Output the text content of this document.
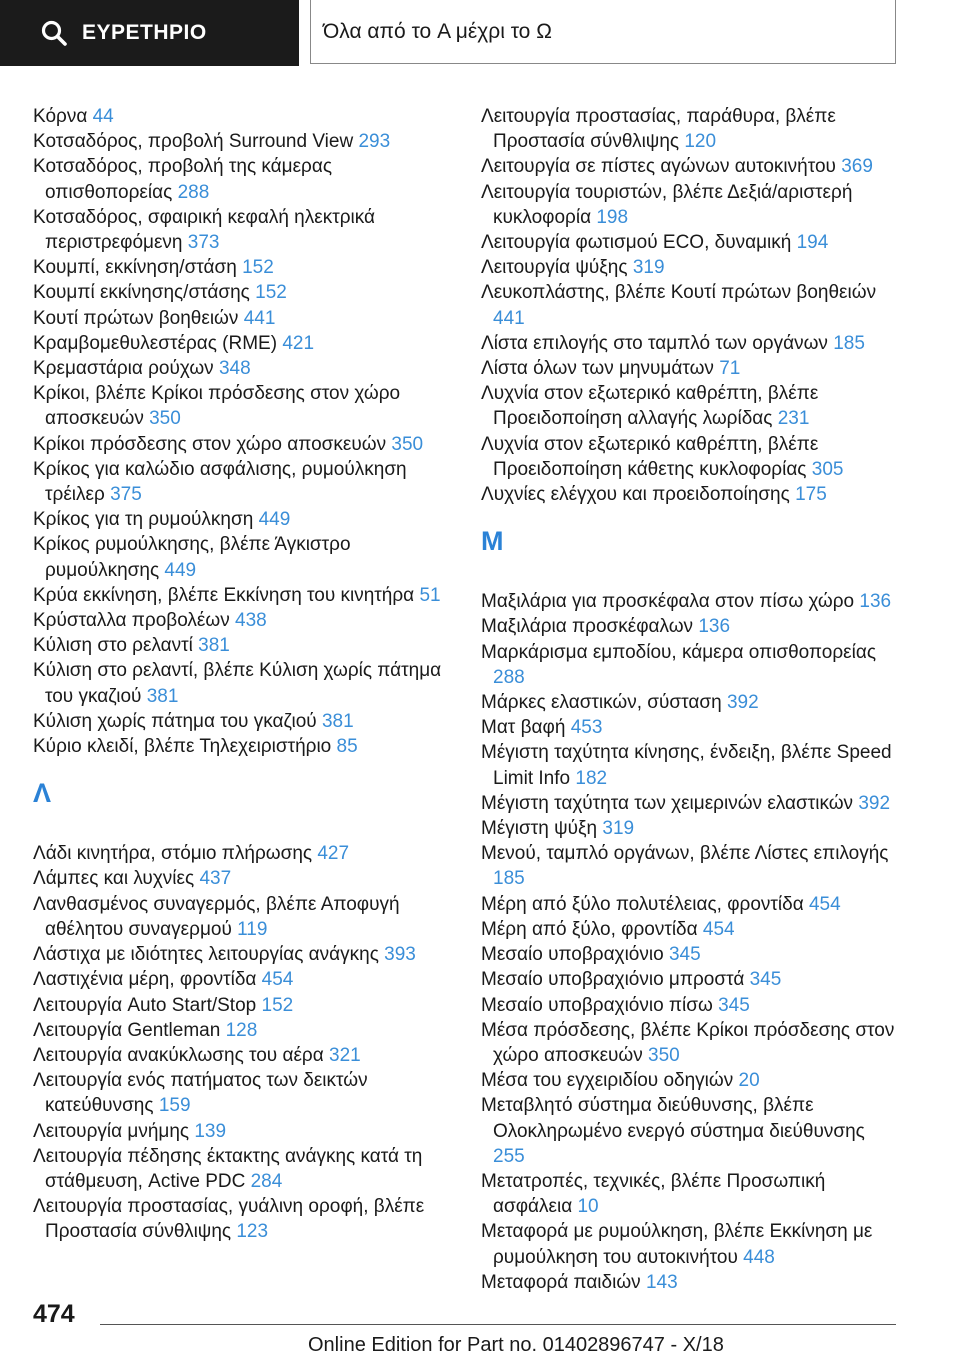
ΕΥΡΕΤΗΡΙΟ	Όλα από το A μέχρι το Ω
Κόρνα 44
Κοτσαδόρος, προβολή Surround View 293
Κοτσαδόρος, προβολή της κάμερας οπισθοπορείας 288
Κοτσαδόρος, σφαιρική κεφαλή ηλεκτρικά περιστρεφόμενη 373
Κουμπί, εκκίνηση/στάση 152
Κουμπί εκκίνησης/στάσης 152
Κουτί πρώτων βοηθειών 441
Κραμβομεθυλεστέρας (RME) 421
Κρεμαστάρια ρούχων 348
Κρίκοι, βλέπε Κρίκοι πρόσδεσης στον χώρο αποσκευών 350
Κρίκοι πρόσδεσης στον χώρο αποσκευών 350
Κρίκος για καλώδιο ασφάλισης, ρυμούλκηση τρέιλερ 375
Κρίκος για τη ρυμούλκηση 449
Κρίκος ρυμούλκησης, βλέπε Άγκιστρο ρυμούλκησης 449
Κρύα εκκίνηση, βλέπε Εκκίνηση του κινητήρα 51
Κρύσταλλα προβολέων 438
Κύλιση στο ρελαντί 381
Κύλιση στο ρελαντί, βλέπε Κύλιση χωρίς πάτημα του γκαζιού 381
Κύλιση χωρίς πάτημα του γκαζιού 381
Κύριο κλειδί, βλέπε Τηλεχειριστήριο 85
Λ
Λάδι κινητήρα, στόμιο πλήρωσης 427
Λάμπες και λυχνίες 437
Λανθασμένος συναγερμός, βλέπε Αποφυγή αθέλητου συναγερμού 119
Λάστιχα με ιδιότητες λειτουργίας ανάγκης 393
Λαστιχένια μέρη, φροντίδα 454
Λειτουργία Auto Start/Stop 152
Λειτουργία Gentleman 128
Λειτουργία ανακύκλωσης του αέρα 321
Λειτουργία ενός πατήματος των δεικτών κατεύθυνσης 159
Λειτουργία μνήμης 139
Λειτουργία πέδησης έκτακτης ανάγκης κατά τη στάθμευση, Active PDC 284
Λειτουργία προστασίας, γυάλινη οροφή, βλέπε Προστασία σύνθλιψης 123
Λειτουργία προστασίας, παράθυρα, βλέπε Προστασία σύνθλιψης 120
Λειτουργία σε πίστες αγώνων αυτοκινήτου 369
Λειτουργία τουριστών, βλέπε Δεξιά/αριστερή κυκλοφορία 198
Λειτουργία φωτισμού ECO, δυναμική 194
Λειτουργία ψύξης 319
Λευκοπλάστης, βλέπε Κουτί πρώτων βοηθειών 441
Λίστα επιλογής στο ταμπλό των οργάνων 185
Λίστα όλων των μηνυμάτων 71
Λυχνία στον εξωτερικό καθρέπτη, βλέπε Προειδοποίηση αλλαγής λωρίδας 231
Λυχνία στον εξωτερικό καθρέπτη, βλέπε Προειδοποίηση κάθετης κυκλοφορίας 305
Λυχνίες ελέγχου και προειδοποίησης 175
Μ
Μαξιλάρια για προσκέφαλα στον πίσω χώρο 136
Μαξιλάρια προσκέφαλων 136
Μαρκάρισμα εμποδίου, κάμερα οπισθοπορείας 288
Μάρκες ελαστικών, σύσταση 392
Ματ βαφή 453
Μέγιστη ταχύτητα κίνησης, ένδειξη, βλέπε Speed Limit Info 182
Μέγιστη ταχύτητα των χειμερινών ελαστικών 392
Μέγιστη ψύξη 319
Μενού, ταμπλό οργάνων, βλέπε Λίστες επιλογής 185
Μέρη από ξύλο πολυτέλειας, φροντίδα 454
Μέρη από ξύλο, φροντίδα 454
Μεσαίο υποβραχιόνιο 345
Μεσαίο υποβραχιόνιο μπροστά 345
Μεσαίο υποβραχιόνιο πίσω 345
Μέσα πρόσδεσης, βλέπε Κρίκοι πρόσδεσης στον χώρο αποσκευών 350
Μέσα του εγχειριδίου οδηγιών 20
Μεταβλητό σύστημα διεύθυνσης, βλέπε Ολοκληρωμένο ενεργό σύστημα διεύθυνσης 255
Μετατροπές, τεχνικές, βλέπε Προσωπική ασφάλεια 10
Μεταφορά με ρυμούλκηση, βλέπε Εκκίνηση με ρυμούλκηση του αυτοκινήτου 448
Μεταφορά παιδιών 143
474
Online Edition for Part no. 01402896747 - X/18
